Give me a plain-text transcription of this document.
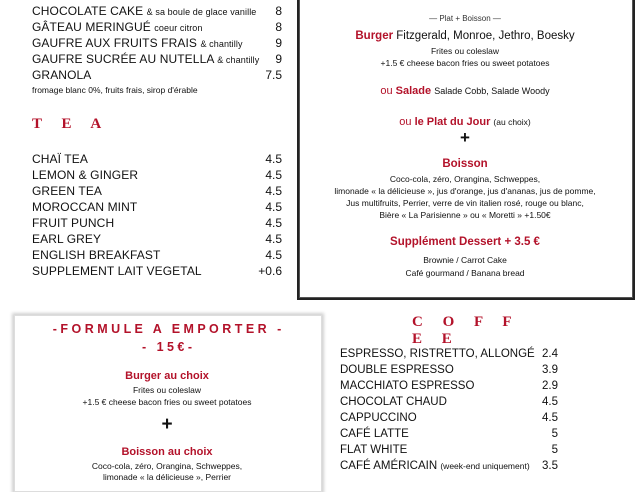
CHOCOLATE CAKE & sa boule de glace vanille 8
GÂTEAU MERINGUÉ coeur citron	8
GAUFRE AUX FRUITS FRAIS & chantilly	9
GAUFRE SUCRÉE AU NUTELLA & chantilly 9
GRANOLA	7.5
fromage blanc 0%, fruits frais, sirop d'érable
T E A
CHAÏ TEA	4.5
LEMON & GINGER	4.5
GREEN TEA	4.5
MOROCCAN MINT	4.5
FRUIT PUNCH	4.5
EARL GREY	4.5
ENGLISH BREAKFAST	4.5
SUPPLEMENT LAIT VEGETAL	+0.6
— Plat + Boisson —
Burger Fitzgerald, Monroe, Jethro, Boesky
Frites ou coleslaw
+1.5 € cheese bacon fries ou sweet potatoes
ou Salade Salade Cobb, Salade Woody
ou le Plat du Jour (au choix)
+
Boisson
Coco-cola, zéro, Orangina, Schweppes,
limonade « la délicieuse », jus d'orange, jus d'ananas, jus de pomme,
Jus multifruits, Perrier, verre de vin italien rosé, rouge ou blanc,
Bière « La Parisienne » ou « Moretti » +1.50€
Supplément Dessert + 3.5 €
Brownie / Carrot Cake
Café gourmand / Banana bread
- F O R M U L E   A   E M P O R T E R   -
-   1 5 € -
Burger au choix
Frites ou coleslaw
+1.5 € cheese bacon fries ou sweet potatoes
+
Boisson au choix
Coco-cola, zéro, Orangina, Schweppes,
limonade « la délicieuse », Perrier
C O F F E E
ESPRESSO, RISTRETTO, ALLONGÉ 2.4
DOUBLE ESPRESSO	3.9
MACCHIATO ESPRESSO	2.9
CHOCOLAT CHAUD	4.5
CAPPUCCINO	4.5
CAFÉ LATTE	5
FLAT WHITE	5
CAFÉ AMÉRICAIN (week-end uniquement) 3.5
